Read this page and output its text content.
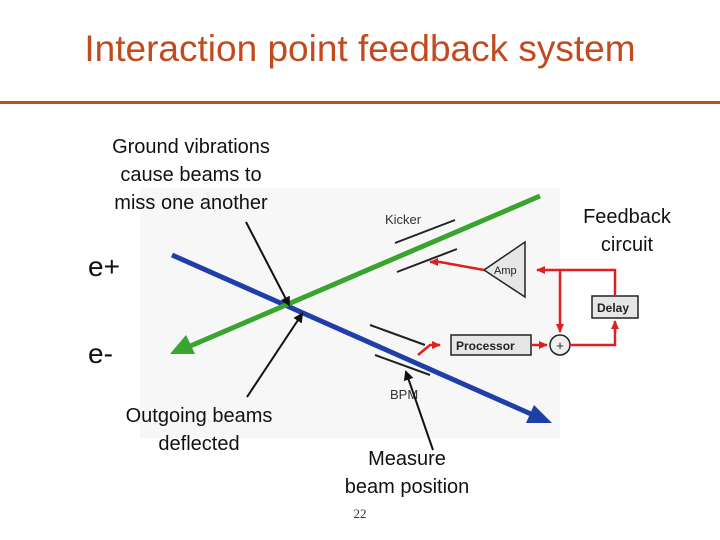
Interaction point feedback system
Kicker
BPM
Amp
Delay
Processor	+
Ground vibrations
cause beams to
miss one another
Feedback
circuit
Outgoing beams
deflected
Measure
beam position
e+
e-
22
